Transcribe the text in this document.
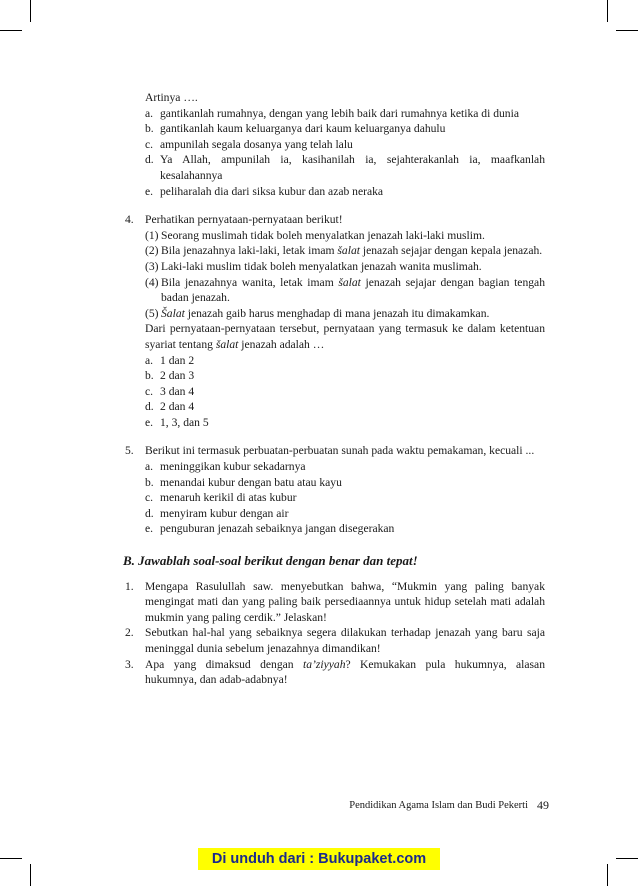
Artinya ….
a. gantikanlah rumahnya, dengan yang lebih baik dari rumahnya ketika di dunia
b. gantikanlah kaum keluarganya dari kaum keluarganya dahulu
c. ampunilah segala dosanya yang telah lalu
d. Ya Allah, ampunilah ia, kasihanilah ia, sejahterakanlah ia, maafkanlah kesalahannya
e. peliharalah dia dari siksa kubur dan azab neraka
4. Perhatikan pernyataan-pernyataan berikut!
(1) Seorang muslimah tidak boleh menyalatkan jenazah laki-laki muslim.
(2) Bila jenazahnya laki-laki, letak imam šalat jenazah sejajar dengan kepala jenazah.
(3) Laki-laki muslim tidak boleh menyalatkan jenazah wanita muslimah.
(4) Bila jenazahnya wanita, letak imam šalat jenazah sejajar dengan bagian tengah badan jenazah.
(5) Šalat jenazah gaib harus menghadap di mana jenazah itu dimakamkan.
Dari pernyataan-pernyataan tersebut, pernyataan yang termasuk ke dalam ketentuan syariat tentang šalat jenazah adalah …
a. 1 dan 2
b. 2 dan 3
c. 3 dan 4
d. 2 dan 4
e. 1, 3, dan 5
5. Berikut ini termasuk perbuatan-perbuatan sunah pada waktu pemakaman, kecuali ...
a. meninggikan kubur sekadarnya
b. menandai kubur dengan batu atau kayu
c. menaruh kerikil di atas kubur
d. menyiram kubur dengan air
e. penguburan jenazah sebaiknya jangan disegerakan
B. Jawablah soal-soal berikut dengan benar dan tepat!
1. Mengapa Rasulullah saw. menyebutkan bahwa, “Mukmin yang paling banyak mengingat mati dan yang paling baik persediaannya untuk hidup setelah mati adalah mukmin yang paling cerdik.” Jelaskan!
2. Sebutkan hal-hal yang sebaiknya segera dilakukan terhadap jenazah yang baru saja meninggal dunia sebelum jenazahnya dimandikan!
3. Apa yang dimaksud dengan ta’ziyyah? Kemukakan pula hukumnya, alasan hukumnya, dan adab-adabnya!
Pendidikan Agama Islam dan Budi Pekerti 49
Di unduh dari : Bukupaket.com
